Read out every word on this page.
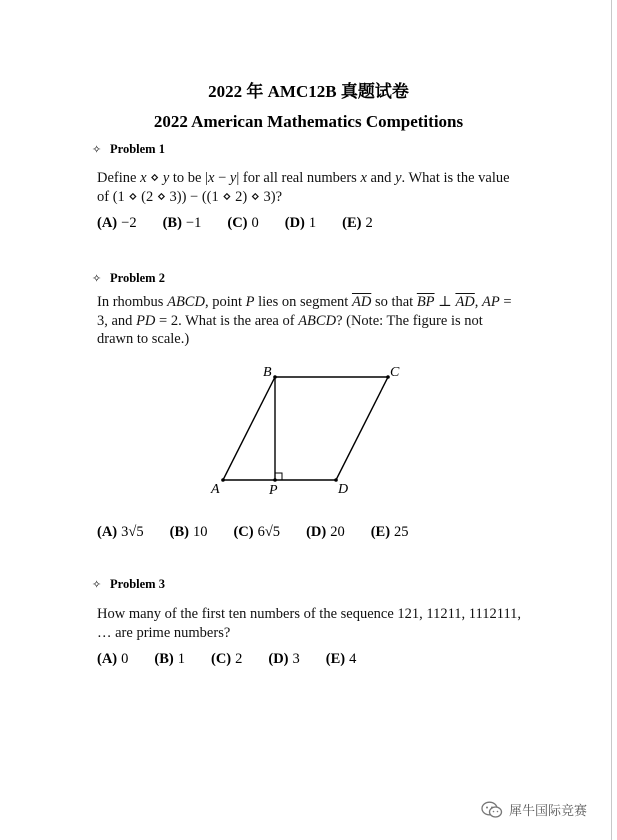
2022 年 AMC12B 真题试卷
2022 American Mathematics Competitions
✧ Problem 1
Define x ⋄ y to be |x − y| for all real numbers x and y. What is the value of (1 ⋄ (2 ⋄ 3)) − ((1 ⋄ 2) ⋄ 3)?
(A) −2 (B) −1 (C) 0 (D) 1 (E) 2
✧ Problem 2
In rhombus ABCD, point P lies on segment $\overline{AD}$ so that $\overline{BP}$ ⊥ $\overline{AD}$, AP = 3, and PD = 2. What is the area of ABCD? (Note: The figure is not drawn to scale.)
A
B	C
D
P
(A) 3√5 (B) 10 (C) 6√5 (D) 20 (E) 25
✧ Problem 3
How many of the first ten numbers of the sequence 121, 11211, 1112111, … are prime numbers?
(A) 0 (B) 1 (C) 2 (D) 3 (E) 4
犀牛国际竞赛
